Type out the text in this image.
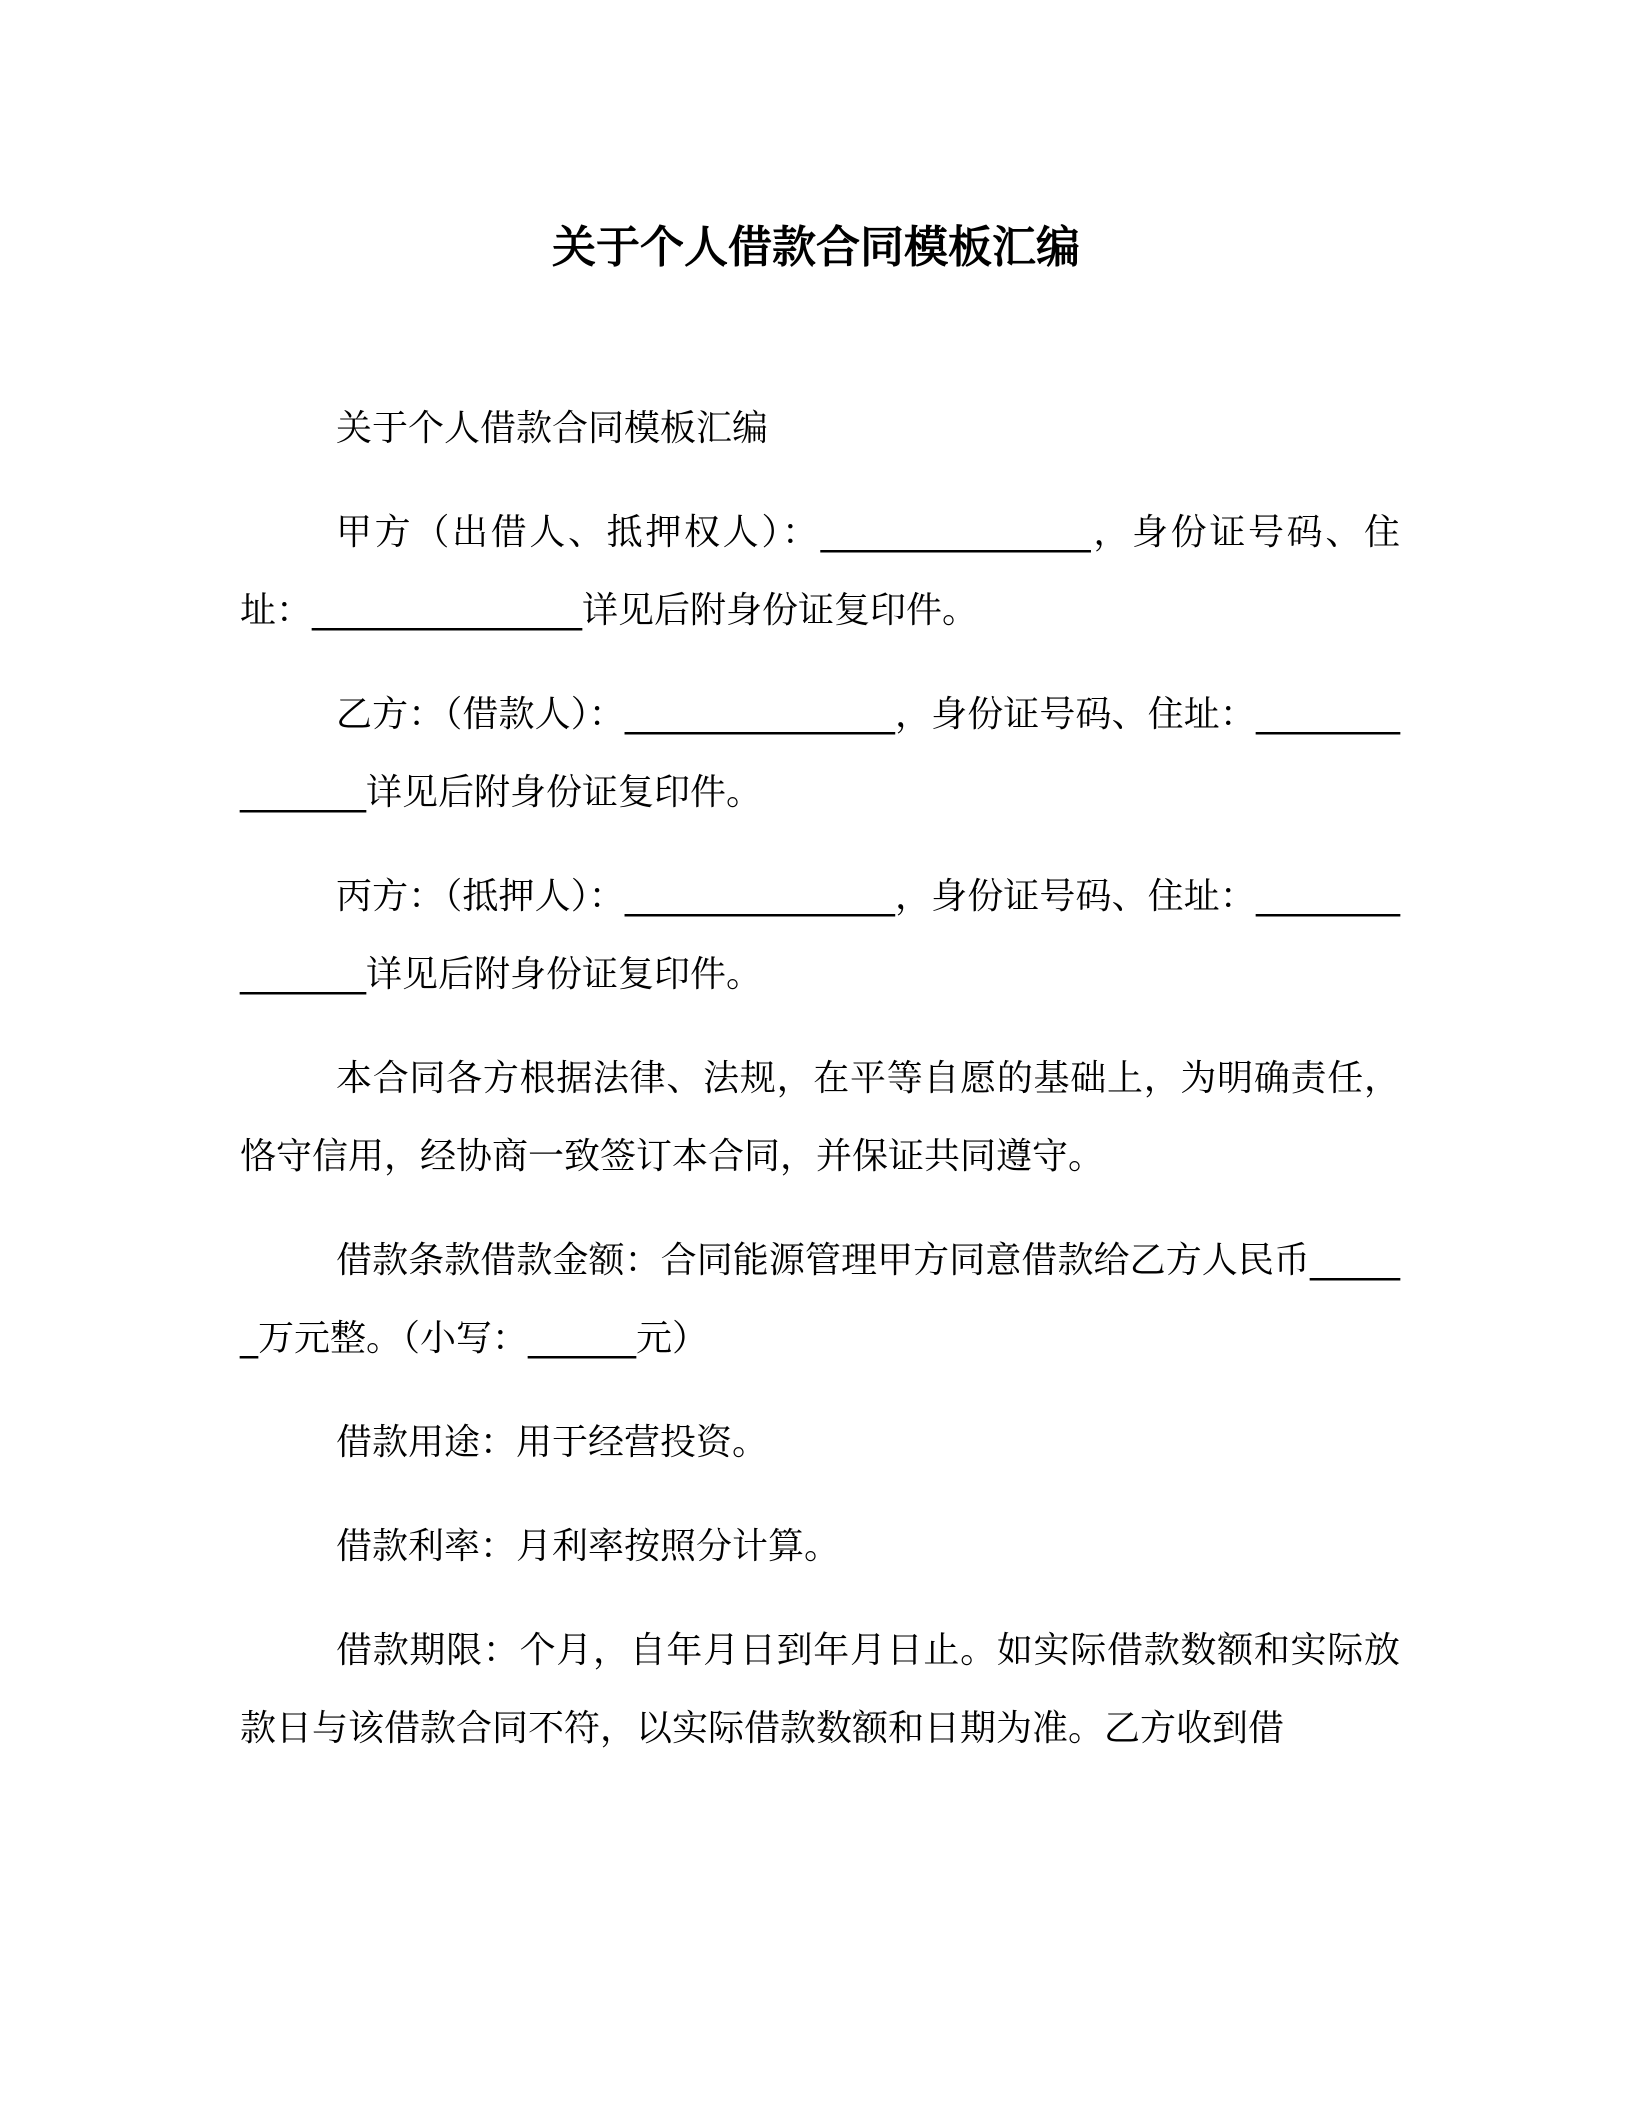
关于个人借款合同模板汇编

关于个人借款合同模板汇编

甲方（出借人、抵押权人）：_______________，身份证号码、住址：_______________详见后附身份证复印件。

乙方：（借款人）：_______________，身份证号码、住址：_______________详见后附身份证复印件。

丙方：（抵押人）：_______________，身份证号码、住址：_______________详见后附身份证复印件。

本合同各方根据法律、法规，在平等自愿的基础上，为明确责任，恪守信用，经协商一致签订本合同，并保证共同遵守。

借款条款借款金额：合同能源管理甲方同意借款给乙方人民币______万元整。（小写：______元）

借款用途：用于经营投资。

借款利率：月利率按照分计算。

借款期限：个月，自年月日到年月日止。如实际借款数额和实际放款日与该借款合同不符，以实际借款数额和日期为准。乙方收到借
